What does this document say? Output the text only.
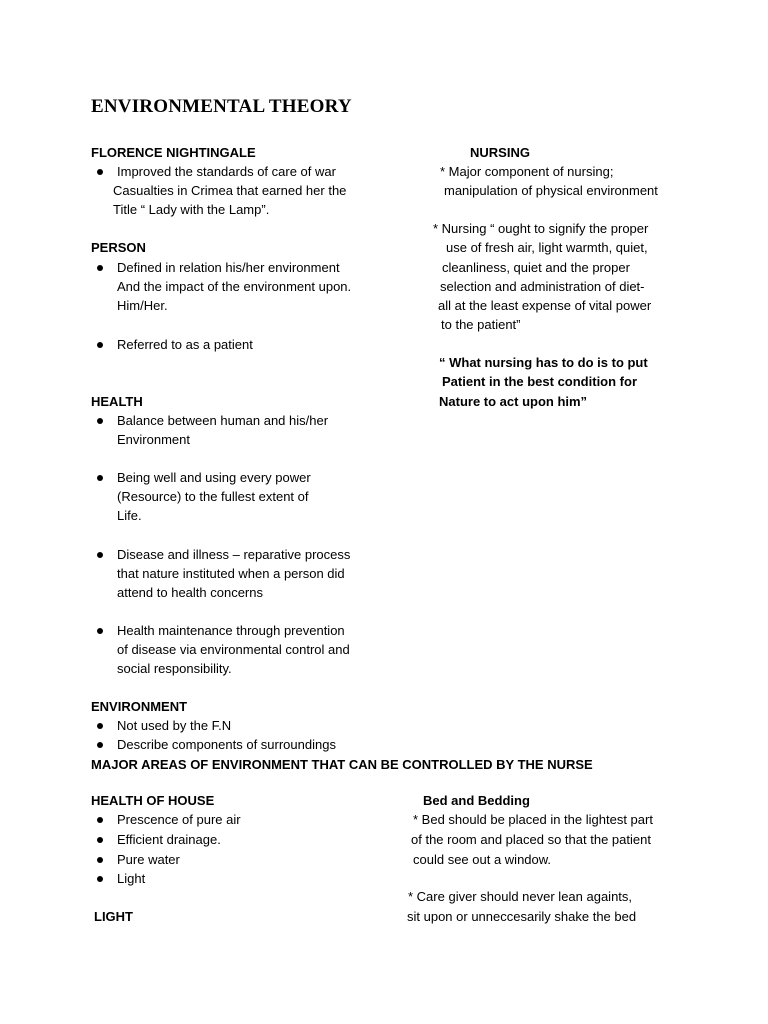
ENVIRONMENTAL THEORY
FLORENCE NIGHTINGALE
Improved the standards of care of war
Casualties in Crimea that earned her the
Title “ Lady with the Lamp”.
PERSON
Defined in relation his/her environment
And the impact of the environment upon.
Him/Her.
Referred to as a patient
HEALTH
Balance between human and his/her
Environment
Being well and using every power
(Resource) to the fullest extent of
Life.
Disease and illness – reparative process
that nature instituted when a person did
attend to health concerns
Health maintenance through prevention
of disease via environmental control and
social responsibility.
ENVIRONMENT
Not used by the F.N
Describe components of surroundings
MAJOR AREAS OF ENVIRONMENT THAT CAN BE CONTROLLED BY THE NURSE
HEALTH OF HOUSE
Prescence of pure air
Efficient drainage.
Pure water
Light
LIGHT
NURSING
* Major component of nursing;
manipulation of physical environment
* Nursing “ ought to signify the proper
use of fresh air, light warmth, quiet,
cleanliness, quiet and the proper
selection and administration of diet-
all at the least expense of vital power
to the patient”
“ What nursing has to do is to put
Patient in the best condition for
Nature to act upon him”
Bed and Bedding
* Bed should be placed in the lightest part
of the room and placed so that the patient
could see out a window.
* Care giver should never lean againts,
sit upon or unneccesarily shake the bed
